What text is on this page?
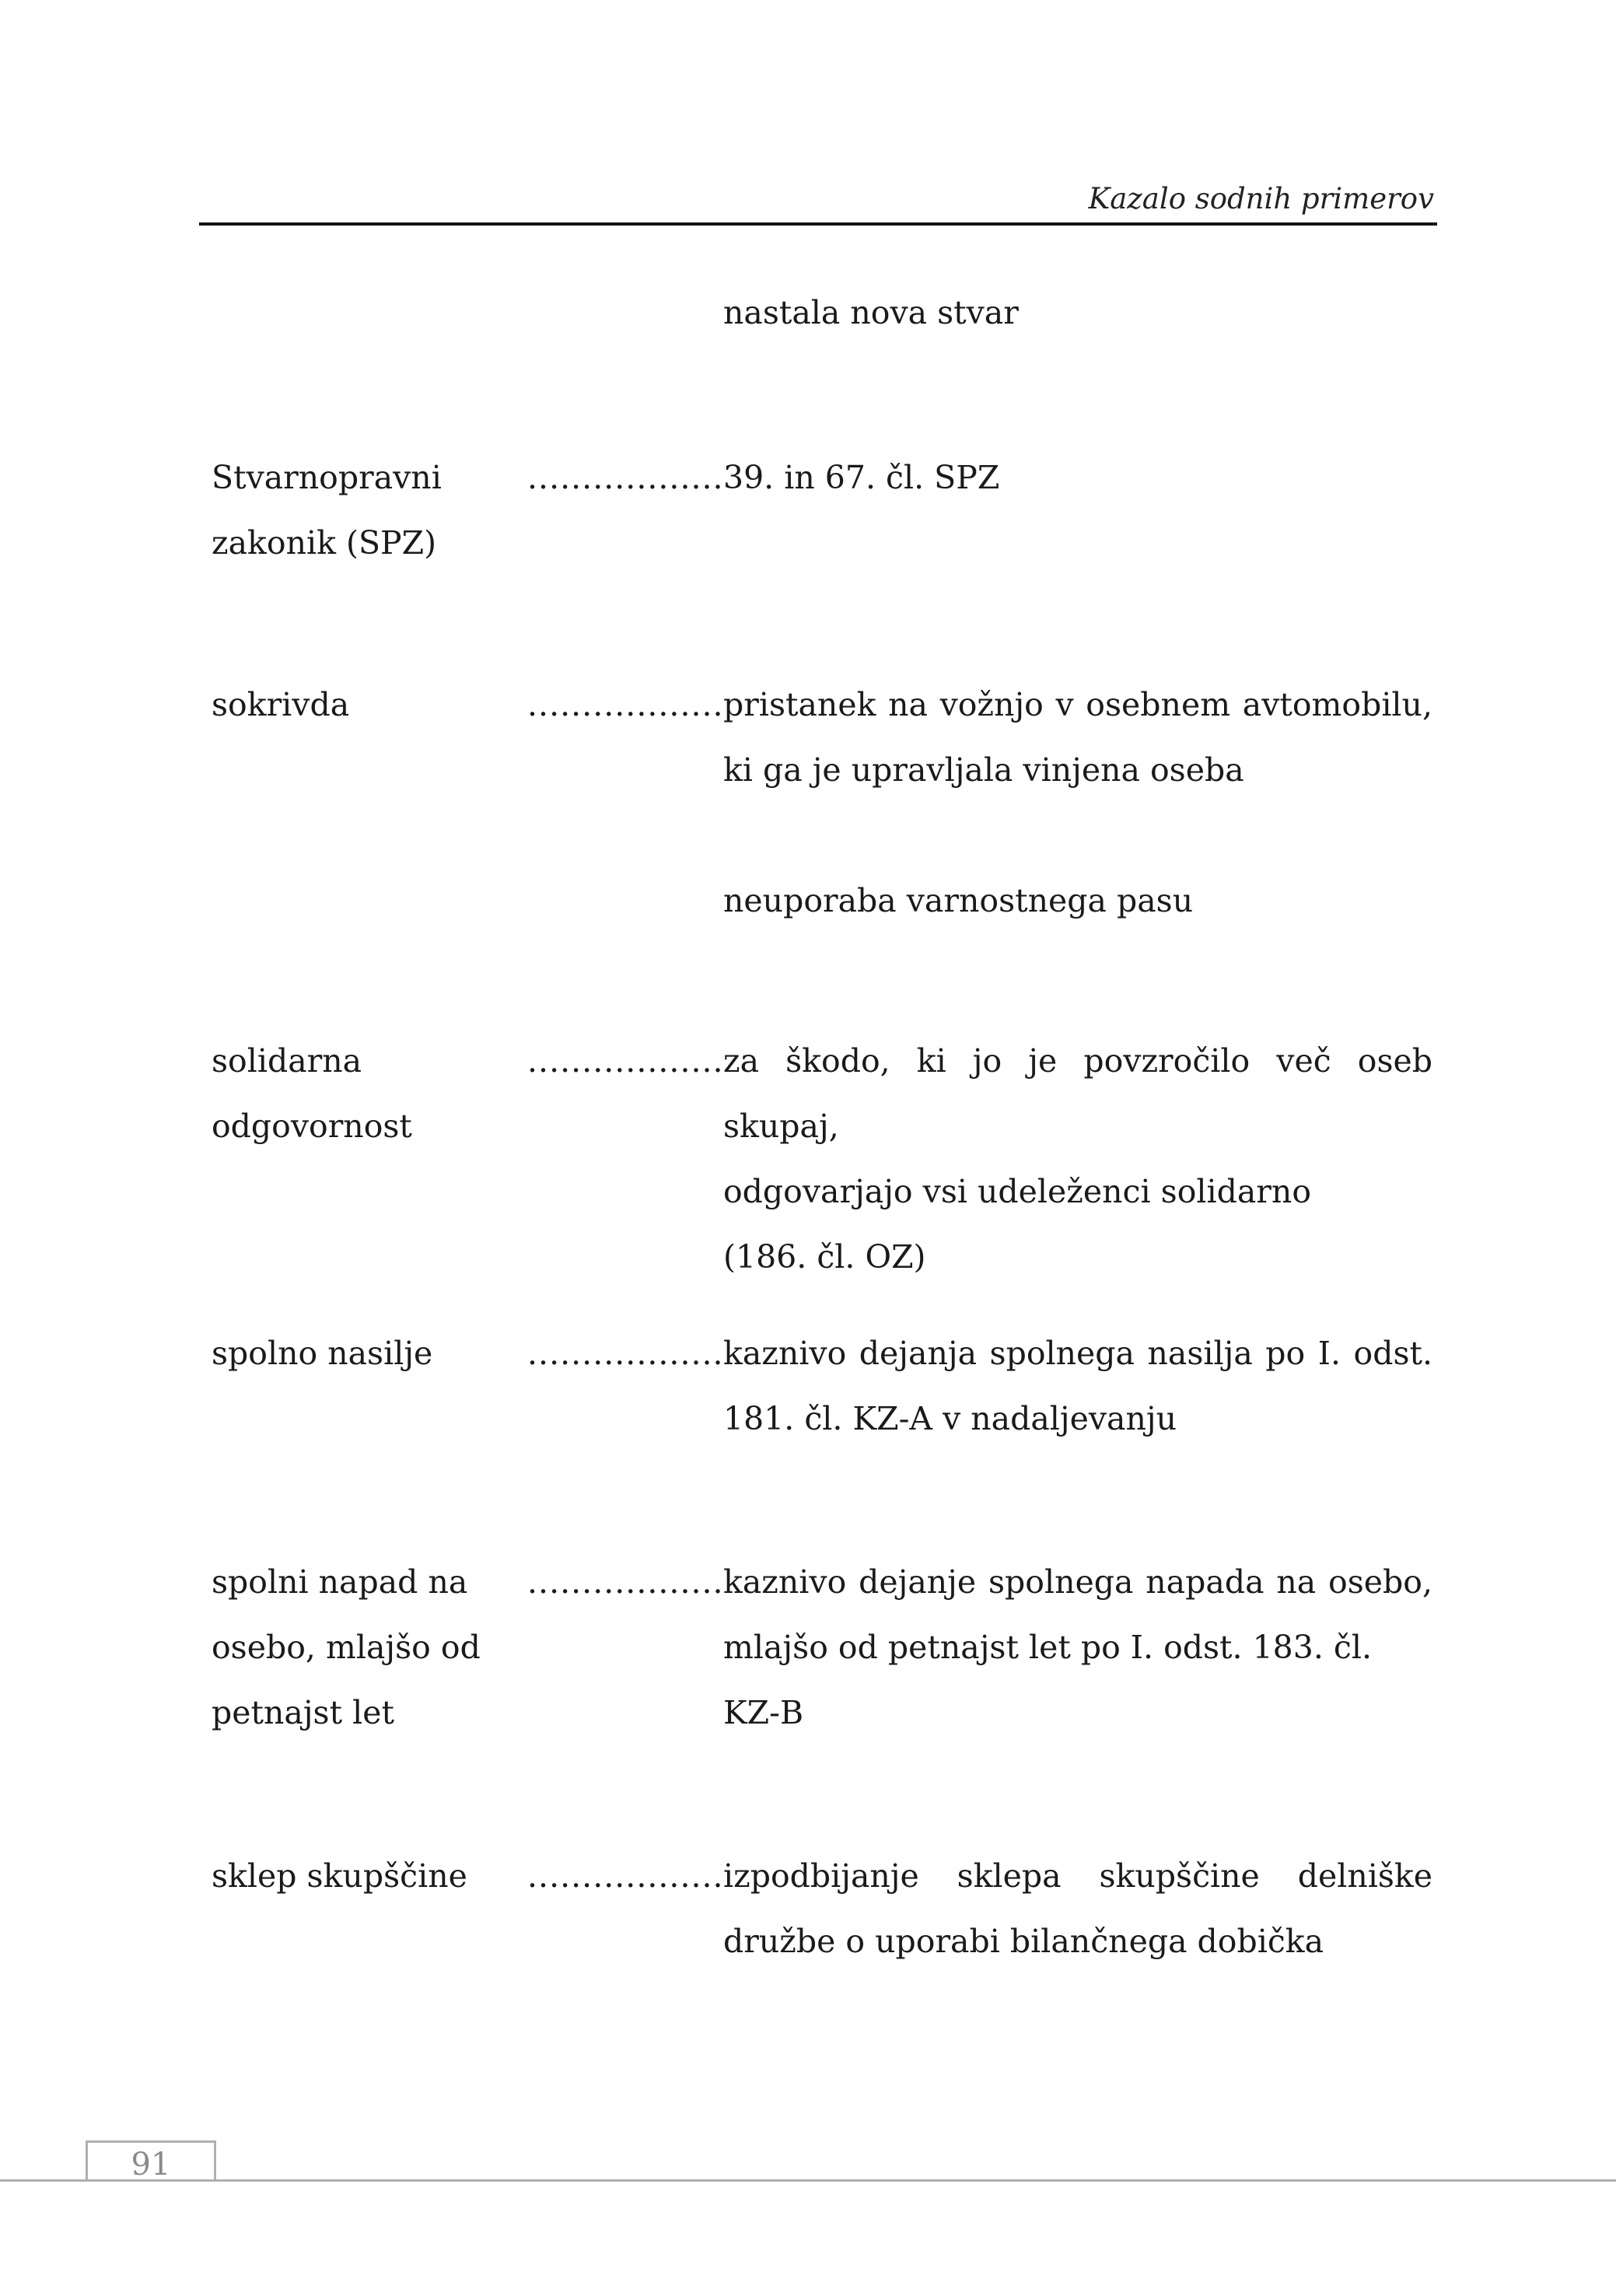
Kazalo sodnih primerov
nastala nova stvar
Stvarnopravni
zakonik (SPZ)
.................. 39. in 67. čl. SPZ
sokrivda	.................. pristanek na vožnjo v osebnem avtomobilu,
ki ga je upravljala vinjena oseba
neuporaba varnostnega pasu
solidarna
odgovornost
.................. za škodo, ki jo je povzročilo več oseb skupaj,
odgovarjajo vsi udeleženci solidarno
(186. čl. OZ)
spolno nasilje	.................. kaznivo dejanja spolnega nasilja po I. odst.
181. čl. KZ-A v nadaljevanju
spolni napad na
osebo, mlajšo od
petnajst let
.................. kaznivo dejanje spolnega napada na osebo,
mlajšo od petnajst let po I. odst. 183. čl. KZ-B
sklep skupščine	.................. izpodbijanje sklepa skupščine delniške
družbe o uporabi bilančnega dobička
91
